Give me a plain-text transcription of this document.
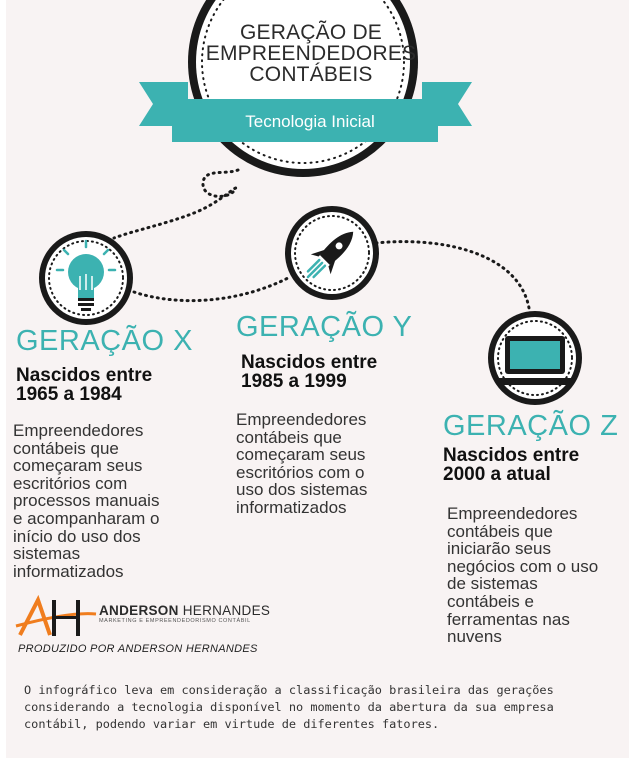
GERAÇÃO DE
EMPREENDEDORES
CONTÁBEIS
Tecnologia Inicial
GERAÇÃO X
Nascidos entre
1965 a 1984
Empreendedores
contábeis que
começaram seus
escritórios com
processos manuais
e acompanharam o
início do uso dos
sistemas
informatizados
GERAÇÃO Y
Nascidos entre
1985 a 1999
Empreendedores
contábeis que
começaram seus
escritórios com o
uso dos sistemas
informatizados
GERAÇÃO Z
Nascidos entre
2000 a atual
Empreendedores
contábeis que
iniciarão seus
negócios com o uso
de sistemas
contábeis e
ferramentas nas
nuvens
ANDERSON HERNANDES
MARKETING E EMPREENDEDORISMO CONTÁBIL
PRODUZIDO POR ANDERSON HERNANDES
O infográfico leva em consideração a classificação brasileira das gerações
considerando a tecnologia disponível no momento da abertura da sua empresa
contábil, podendo variar em virtude de diferentes fatores.
